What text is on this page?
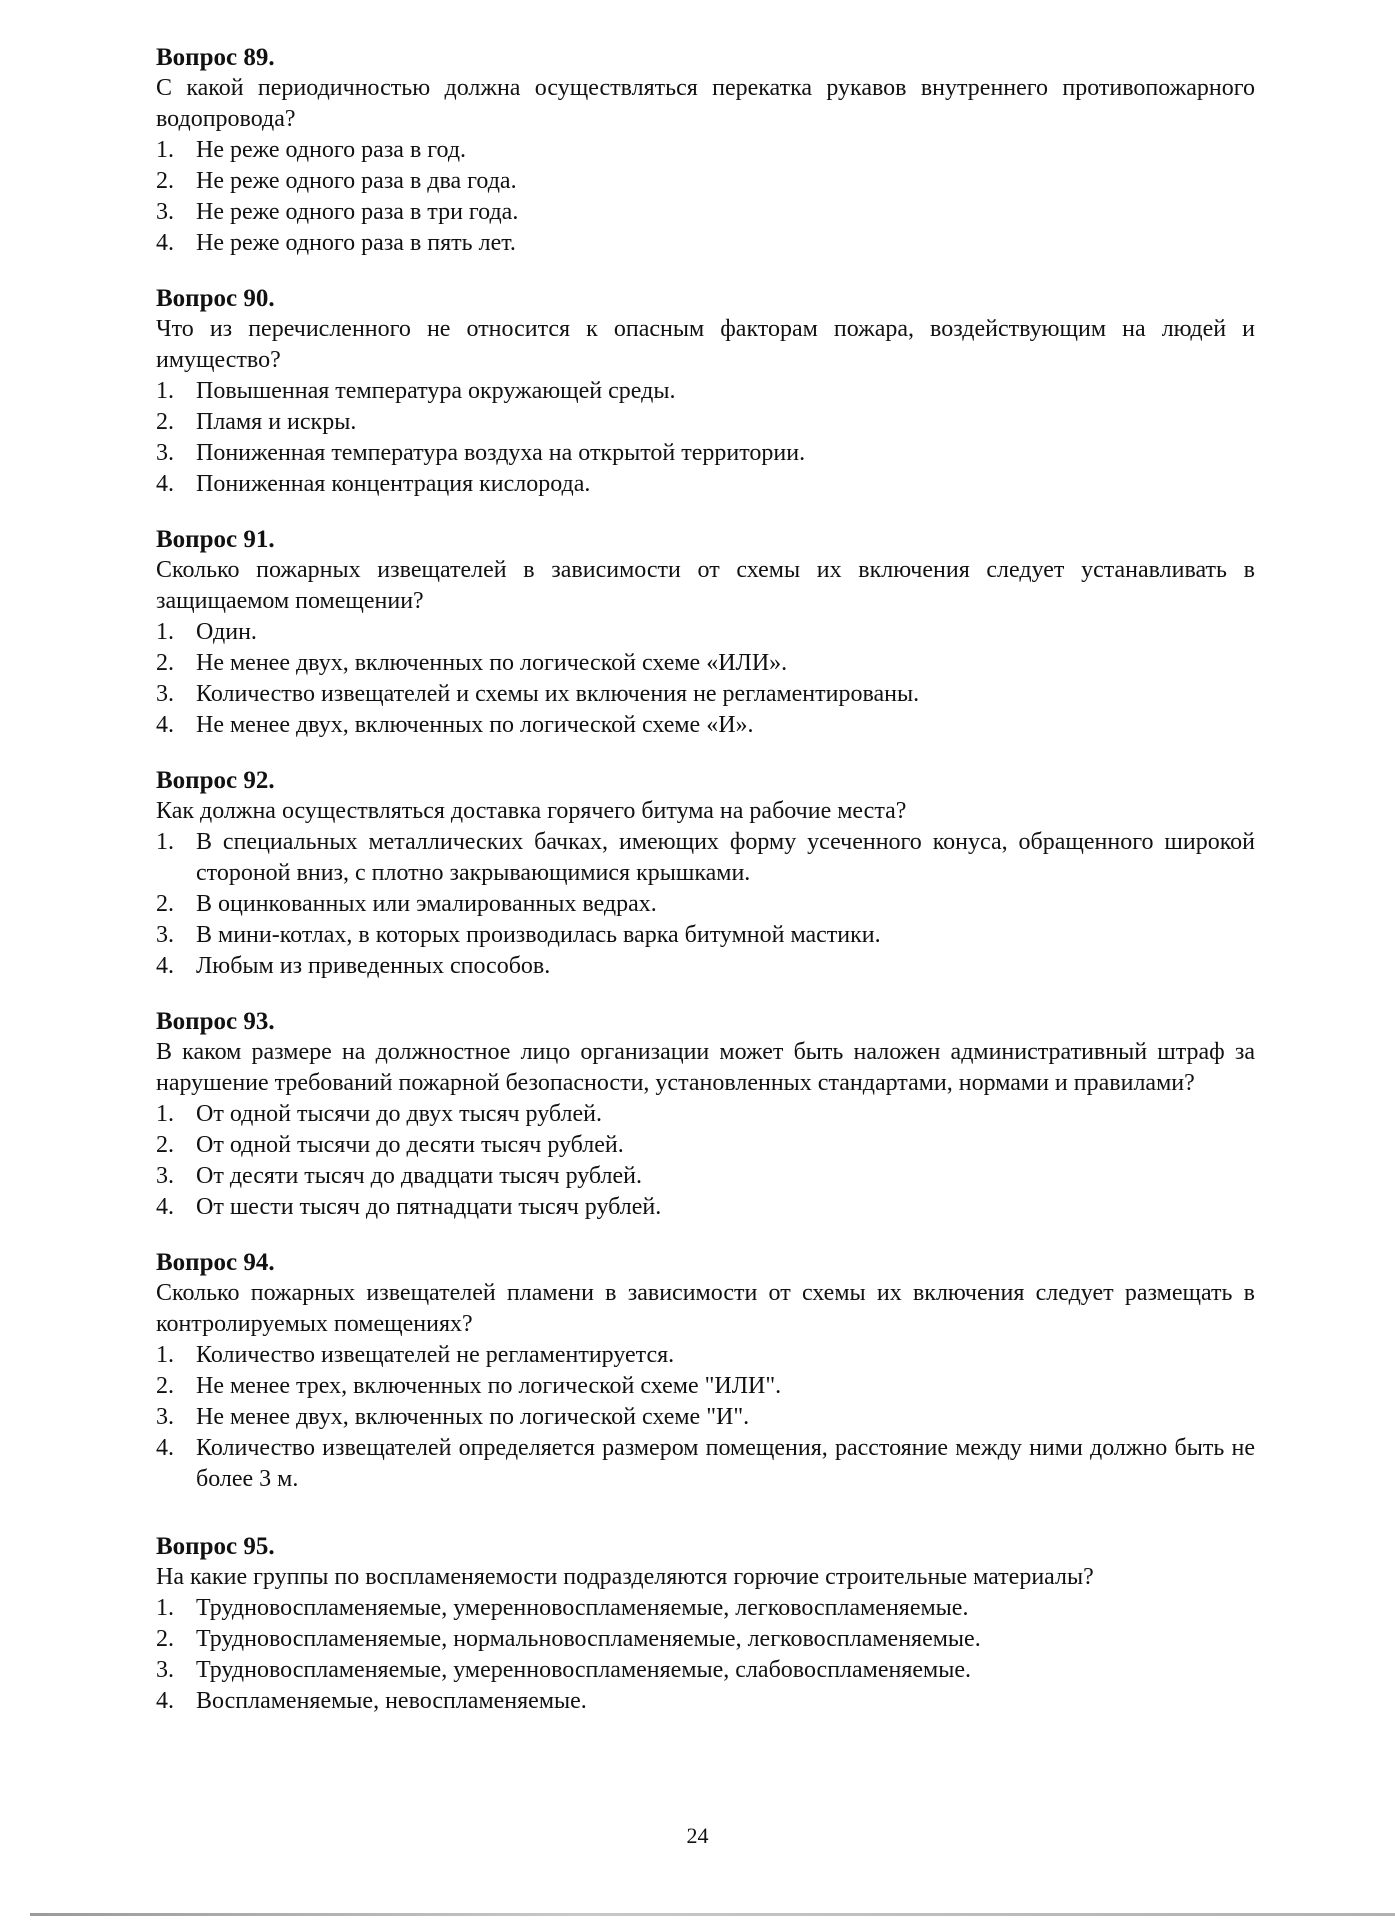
Вопрос 89.

С какой периодичностью должна осуществляться перекатка рукавов внутреннего противопожарного водопровода?

1. Не реже одного раза в год.
2. Не реже одного раза в два года.
3. Не реже одного раза в три года.
4. Не реже одного раза в пять лет.

Вопрос 90.

Что из перечисленного не относится к опасным факторам пожара, воздействующим на людей и имущество?

1. Повышенная температура окружающей среды.
2. Пламя и искры.
3. Пониженная температура воздуха на открытой территории.
4. Пониженная концентрация кислорода.

Вопрос 91.

Сколько пожарных извещателей в зависимости от схемы их включения следует устанавливать в защищаемом помещении?

1. Один.
2. Не менее двух, включенных по логической схеме «ИЛИ».
3. Количество извещателей и схемы их включения не регламентированы.
4. Не менее двух, включенных по логической схеме «И».

Вопрос 92.

Как должна осуществляться доставка горячего битума на рабочие места?

1. В специальных металлических бачках, имеющих форму усеченного конуса, обращенного широкой стороной вниз, с плотно закрывающимися крышками.
2. В оцинкованных или эмалированных ведрах.
3. В мини-котлах, в которых производилась варка битумной мастики.
4. Любым из приведенных способов.

Вопрос 93.

В каком размере на должностное лицо организации может быть наложен административный штраф за нарушение требований пожарной безопасности, установленных стандартами, нормами и правилами?

1. От одной тысячи до двух тысяч рублей.
2. От одной тысячи до десяти тысяч рублей.
3. От десяти тысяч до двадцати тысяч рублей.
4. От шести тысяч до пятнадцати тысяч рублей.

Вопрос 94.

Сколько пожарных извещателей пламени в зависимости от схемы их включения следует размещать в контролируемых помещениях?

1. Количество извещателей не регламентируется.
2. Не менее трех, включенных по логической схеме "ИЛИ".
3. Не менее двух, включенных по логической схеме "И".
4. Количество извещателей определяется размером помещения, расстояние между ними должно быть не более 3 м.

Вопрос 95.

На какие группы по воспламеняемости подразделяются горючие строительные материалы?

1. Трудновоспламеняемые, умеренновоспламеняемые, легковоспламеняемые.
2. Трудновоспламеняемые, нормальновоспламеняемые, легковоспламеняемые.
3. Трудновоспламеняемые, умеренновоспламеняемые, слабовоспламеняемые.
4. Воспламеняемые, невоспламеняемые.
24
